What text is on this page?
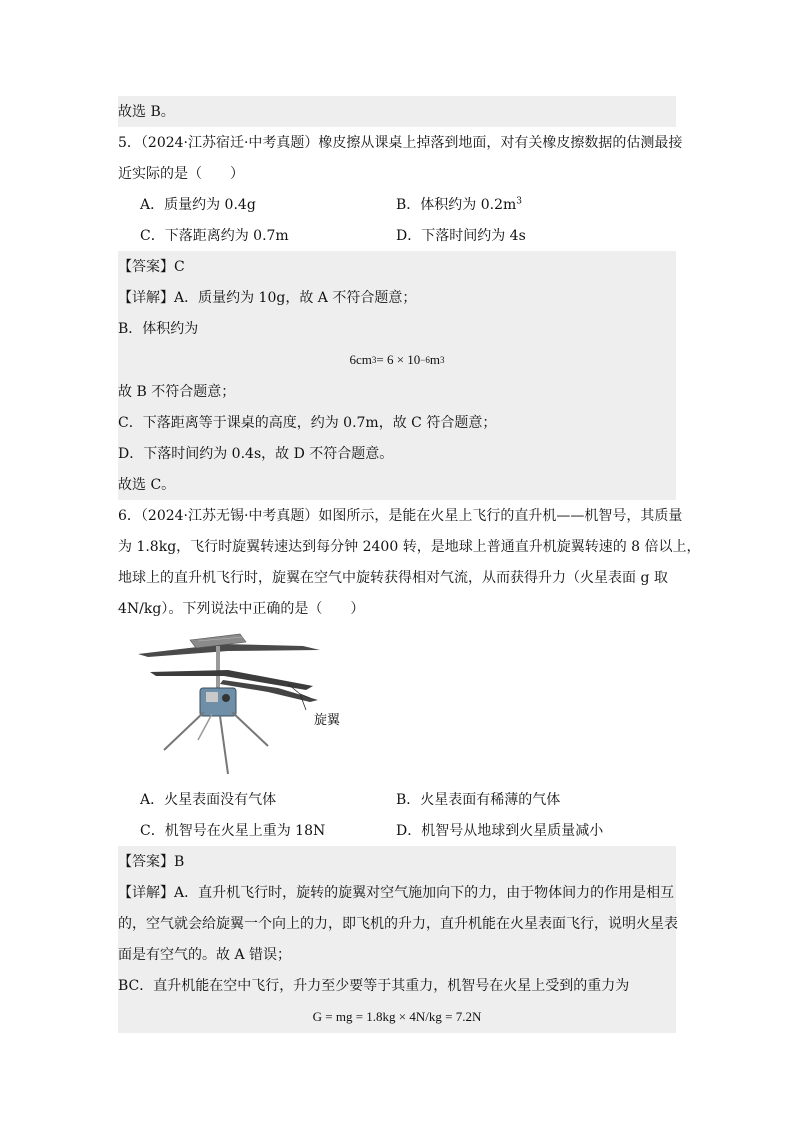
故选 B。
5．（2024·江苏宿迁·中考真题）橡皮擦从课桌上掉落到地面，对有关橡皮擦数据的估测最接
近实际的是（　　）
A．质量约为 0.4g	B．体积约为 $0.2m^3$
C．下落距离约为 0.7m	D．下落时间约为 4s
【答案】 C
【详解】 A．质量约为 10g，故 A 不符合题意；
B．体积约为
6cm 3 = 6 × 10 −6 m 3
故 B 不符合题意；
C．下落距离等于课桌的高度，约为 0.7m，故 C 符合题意；
D．下落时间约为 0.4s，故 D 不符合题意。
故选 C。
6．（2024·江苏无锡·中考真题）如图所示，是能在火星上飞行的直升机——机智号，其质量
为 1.8kg，飞行时旋翼转速达到每分钟 2400 转，是地球上普通直升机旋翼转速的 8 倍以上，
地球上的直升机飞行时，旋翼在空气中旋转获得相对气流，从而获得升力（火星表面 g 取
4N/kg）。下列说法中正确的是（　　）
旋翼
A．火星表面没有气体	B．火星表面有稀薄的气体
C．机智号在火星上重为 18N	D．机智号从地球到火星质量减小
【答案】 B
【详解】 A．直升机飞行时，旋转的旋翼对空气施加向下的力，由于物体间力的作用是相互
的，空气就会给旋翼一个向上的力，即飞机的升力，直升机能在火星表面飞行，说明火星表
面是有空气的。故 A 错误；
BC．直升机能在空中飞行，升力至少要等于其重力，机智号在火星上受到的重力为
G = mg = 1.8kg × 4N/kg = 7.2N
